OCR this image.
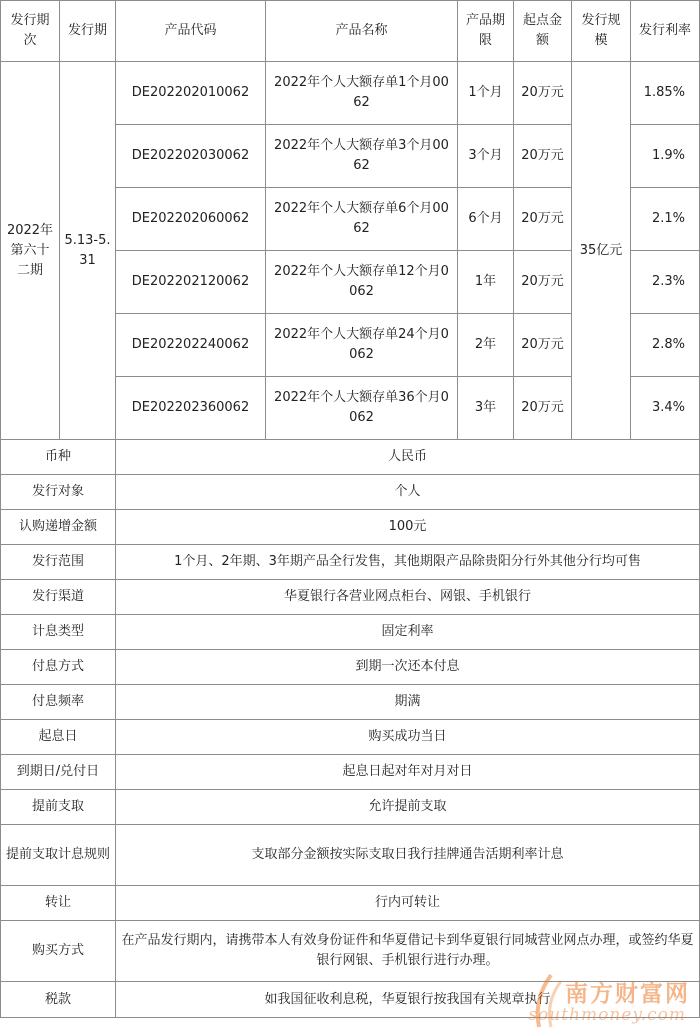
发行期次	发行期	产品代码	产品名称	产品期限	起点金额	发行规模	发行利率
2022年第六十二期	5.13-5.31	DE202202010062	2022年个人大额存单1个月0062	1个月	20万元	35亿元	1.85%
		DE202202030062	2022年个人大额存单3个月0062	3个月	20万元		1.9%
		DE202202060062	2022年个人大额存单6个月0062	6个月	20万元		2.1%
		DE202202120062	2022年个人大额存单12个月0062	1年	20万元		2.3%
		DE202202240062	2022年个人大额存单24个月0062	2年	20万元		2.8%
		DE202202360062	2022年个人大额存单36个月0062	3年	20万元		3.4%
币种		人民币					
发行对象		个人					
认购递增金额		100元					
发行范围		1个月、2年期、3年期产品全行发售，其他期限产品除贵阳分行外其他分行均可售					
发行渠道		华夏银行各营业网点柜台、网银、手机银行					
计息类型		固定利率					
付息方式		到期一次还本付息					
付息频率		期满					
起息日		购买成功当日					
到期日/兑付日		起息日起对年对月对日					
提前支取		允许提前支取					
提前支取计息规则		支取部分金额按实际支取日我行挂牌通告活期利率计息					
转让		行内可转让					
购买方式		在产品发行期内，请携带本人有效身份证件和华夏借记卡到华夏银行同城营业网点办理，或签约华夏银行网银、手机银行进行办理。					
税款		如我国征收利息税，华夏银行按我国有关规章执行					南方财富网
southmoney.com
